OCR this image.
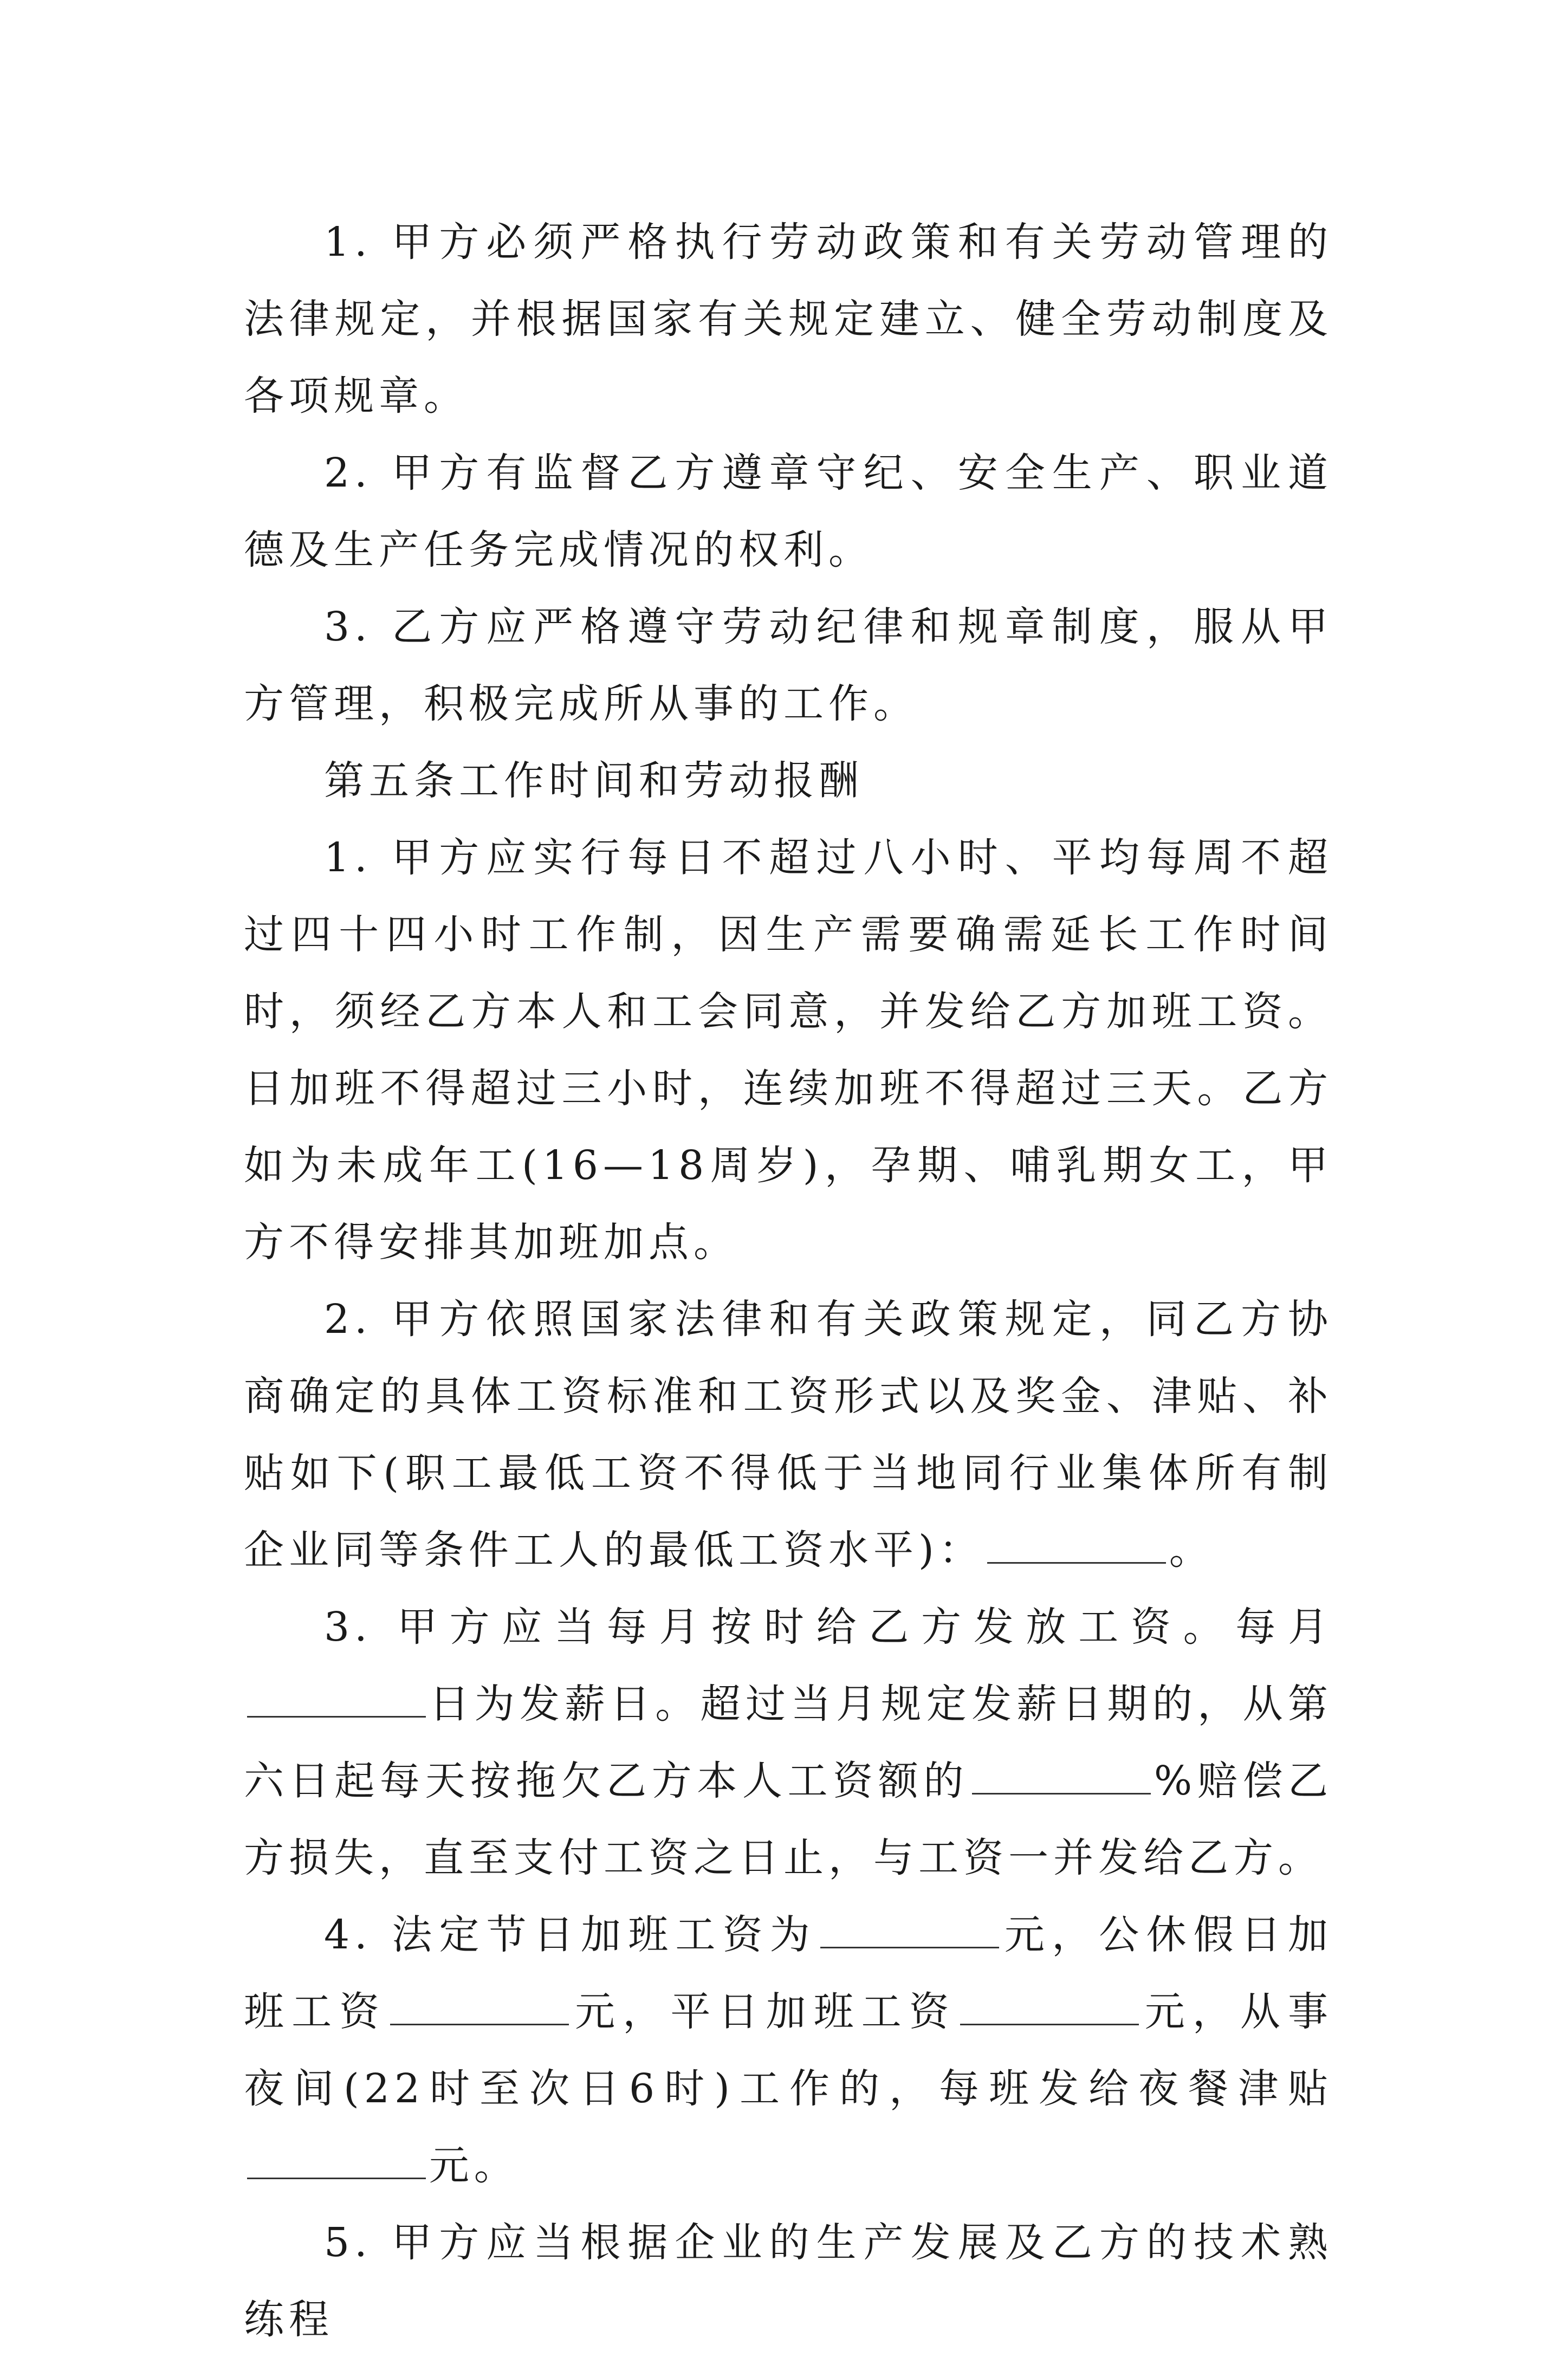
1. 甲方必须严格执行劳动政策和有关劳动管理的法律规定，并根据国家有关规定建立、健全劳动制度及各项规章。

2. 甲方有监督乙方遵章守纪、安全生产、职业道德及生产任务完成情况的权利。

3. 乙方应严格遵守劳动纪律和规章制度，服从甲方管理，积极完成所从事的工作。

第五条工作时间和劳动报酬

1. 甲方应实行每日不超过八小时、平均每周不超过四十四小时工作制，因生产需要确需延长工作时间时，须经乙方本人和工会同意，并发给乙方加班工资。日加班不得超过三小时，连续加班不得超过三天。乙方如为未成年工(16—18周岁)，孕期、哺乳期女工，甲方不得安排其加班加点。

2. 甲方依照国家法律和有关政策规定，同乙方协商确定的具体工资标准和工资形式以及奖金、津贴、补贴如下(职工最低工资不得低于当地同行业集体所有制企业同等条件工人的最低工资水平)：	。

3. 甲方应当每月按时给乙方发放工资。每月日为发薪日。超过当月规定发薪日期的，从第六日起每天按拖欠乙方本人工资额的	%赔偿乙方损失，直至支付工资之日止，与工资一并发给乙方。

4. 法定节日加班工资为	元，公休假日加班工资	元，平日加班工资	元，从事夜间(22时至次日6时)工作的，每班发给夜餐津贴元。

5. 甲方应当根据企业的生产发展及乙方的技术熟练程
